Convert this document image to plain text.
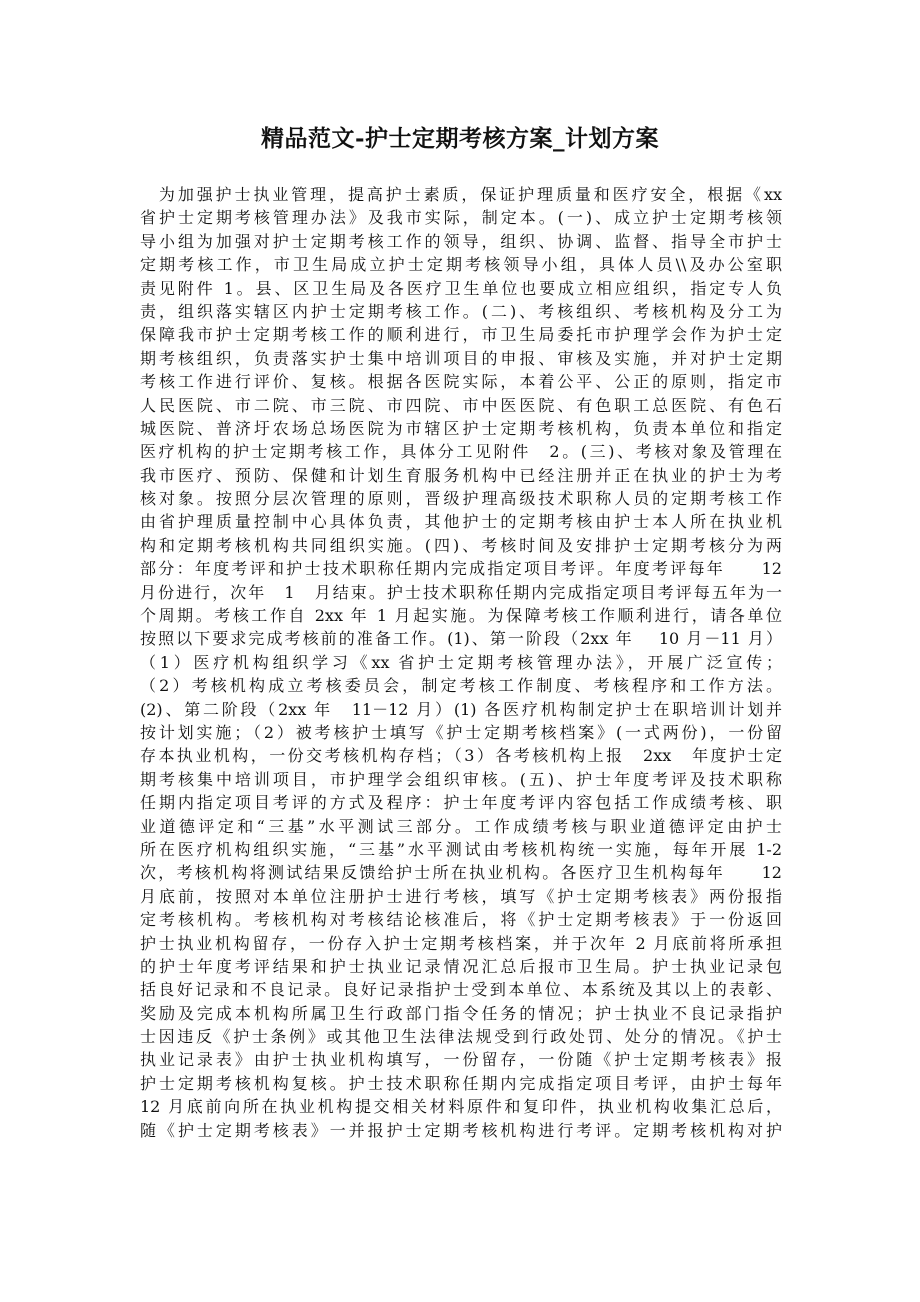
精品范文-护士定期考核方案_计划方案
　为加强护士执业管理，提高护士素质，保证护理质量和医疗安全，根据《xx
省护士定期考核管理办法》及我市实际，制定本。(一)、成立护士定期考核领
导小组为加强对护士定期考核工作的领导，组织、协调、监督、指导全市护士
定期考核工作，市卫生局成立护士定期考核领导小组，具体人员\\及办公室职
责见附件 1。县、区卫生局及各医疗卫生单位也要成立相应组织，指定专人负
责，组织落实辖区内护士定期考核工作。(二)、考核组织、考核机构及分工为
保障我市护士定期考核工作的顺利进行，市卫生局委托市护理学会作为护士定
期考核组织，负责落实护士集中培训项目的申报、审核及实施，并对护士定期
考核工作进行评价、复核。根据各医院实际，本着公平、公正的原则，指定市
人民医院、市二院、市三院、市四院、市中医医院、有色职工总医院、有色石
城医院、普济圩农场总场医院为市辖区护士定期考核机构，负责本单位和指定
医疗机构的护士定期考核工作，具体分工见附件　2。(三)、考核对象及管理在
我市医疗、预防、保健和计划生育服务机构中已经注册并正在执业的护士为考
核对象。按照分层次管理的原则，晋级护理高级技术职称人员的定期考核工作
由省护理质量控制中心具体负责，其他护士的定期考核由护士本人所在执业机
构和定期考核机构共同组织实施。(四)、考核时间及安排护士定期考核分为两
部分：年度考评和护士技术职称任期内完成指定项目考评。年度考评每年　　12
月份进行，次年　1　月结束。护士技术职称任期内完成指定项目考评每五年为一
个周期。考核工作自 2xx 年 1 月起实施。为保障考核工作顺利进行，请各单位
按照以下要求完成考核前的准备工作。(1)、第一阶段（2xx 年　 10 月－11 月）
（1）医疗机构组织学习《xx 省护士定期考核管理办法》，开展广泛宣传；
（2）考核机构成立考核委员会，制定考核工作制度、考核程序和工作方法。
(2)、第二阶段（2xx 年　11－12 月）(1) 各医疗机构制定护士在职培训计划并
按计划实施；（2）被考核护士填写《护士定期考核档案》(一式两份)，一份留
存本执业机构，一份交考核机构存档；（3）各考核机构上报　2xx　年度护士定
期考核集中培训项目，市护理学会组织审核。(五)、护士年度考评及技术职称
任期内指定项目考评的方式及程序：护士年度考评内容包括工作成绩考核、职
业道德评定和“三基”水平测试三部分。工作成绩考核与职业道德评定由护士
所在医疗机构组织实施，“三基”水平测试由考核机构统一实施，每年开展 1-2
次，考核机构将测试结果反馈给护士所在执业机构。各医疗卫生机构每年　　12
月底前，按照对本单位注册护士进行考核，填写《护士定期考核表》两份报指
定考核机构。考核机构对考核结论核准后，将《护士定期考核表》于一份返回
护士执业机构留存，一份存入护士定期考核档案，并于次年 2 月底前将所承担
的护士年度考评结果和护士执业记录情况汇总后报市卫生局。护士执业记录包
括良好记录和不良记录。良好记录指护士受到本单位、本系统及其以上的表彰、
奖励及完成本机构所属卫生行政部门指令任务的情况；护士执业不良记录指护
士因违反《护士条例》或其他卫生法律法规受到行政处罚、处分的情况。《护士
执业记录表》由护士执业机构填写，一份留存，一份随《护士定期考核表》报
护士定期考核机构复核。护士技术职称任期内完成指定项目考评，由护士每年
12 月底前向所在执业机构提交相关材料原件和复印件，执业机构收集汇总后，
随《护士定期考核表》一并报护士定期考核机构进行考评。定期考核机构对护
